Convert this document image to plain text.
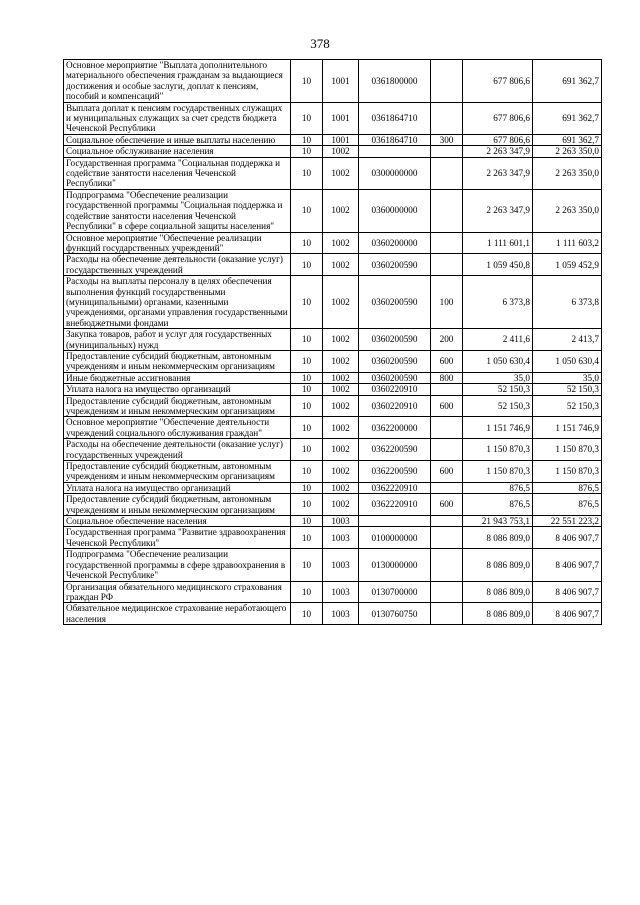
378
Основное мероприятие "Выплата дополнительного материального обеспечения гражданам за выдающиеся достижения и особые заслуги, доплат к пенсиям, пособий и компенсаций"	10	1001	0361800000		677 806,6	691 362,7
Выплата доплат к пенсиям государственных служащих и муниципальных служащих за счет средств бюджета Чеченской Республики	10	1001	0361864710		677 806,6	691 362,7
Социальное обеспечение и иные выплаты населению	10	1001	0361864710	300	677 806,6	691 362,7
Социальное обслуживание населения	10	1002			2 263 347,9	2 263 350,0
Государственная программа "Социальная поддержка и содействие занятости населения Чеченской Республики"	10	1002	0300000000		2 263 347,9	2 263 350,0
Подпрограмма "Обеспечение реализации государственной программы "Социальная поддержка и содействие занятости населения Чеченской Республики" в сфере социальной защиты населения"	10	1002	0360000000		2 263 347,9	2 263 350,0
Основное мероприятие "Обеспечение реализации функций государственных учреждений"	10	1002	0360200000		1 111 601,1	1 111 603,2
Расходы на обеспечение деятельности (оказание услуг) государственных учреждений	10	1002	0360200590		1 059 450,8	1 059 452,9
Расходы на выплаты персоналу в целях обеспечения выполнения функций государственными (муниципальными) органами, казенными учреждениями, органами управления государственными внебюджетными фондами	10	1002	0360200590	100	6 373,8	6 373,8
Закупка товаров, работ и услуг для государственных (муниципальных) нужд	10	1002	0360200590	200	2 411,6	2 413,7
Предоставление субсидий бюджетным, автономным учреждениям и иным некоммерческим организациям	10	1002	0360200590	600	1 050 630,4	1 050 630,4
Иные бюджетные ассигнования	10	1002	0360200590	800	35,0	35,0
Уплата налога на имущество организаций	10	1002	0360220910		52 150,3	52 150,3
Предоставление субсидий бюджетным, автономным учреждениям и иным некоммерческим организациям	10	1002	0360220910	600	52 150,3	52 150,3
Основное мероприятие "Обеспечение деятельности учреждений социального обслуживания граждан"	10	1002	0362200000		1 151 746,9	1 151 746,9
Расходы на обеспечение деятельности (оказание услуг) государственных учреждений	10	1002	0362200590		1 150 870,3	1 150 870,3
Предоставление субсидий бюджетным, автономным учреждениям и иным некоммерческим организациям	10	1002	0362200590	600	1 150 870,3	1 150 870,3
Уплата налога на имущество организаций	10	1002	0362220910		876,5	876,5
Предоставление субсидий бюджетным, автономным учреждениям и иным некоммерческим организациям	10	1002	0362220910	600	876,5	876,5
Социальное обеспечение населения	10	1003			21 943 753,1	22 551 223,2
Государственная программа "Развитие здравоохранения Чеченской Республики"	10	1003	0100000000		8 086 809,0	8 406 907,7
Подпрограмма "Обеспечение реализации государственной программы в сфере здравоохранения в Чеченской Республике"	10	1003	0130000000		8 086 809,0	8 406 907,7
Организация обязательного медицинского страхования граждан РФ	10	1003	0130700000		8 086 809,0	8 406 907,7
Обязательное медицинское страхование неработающего населения	10	1003	0130760750		8 086 809,0	8 406 907,7
